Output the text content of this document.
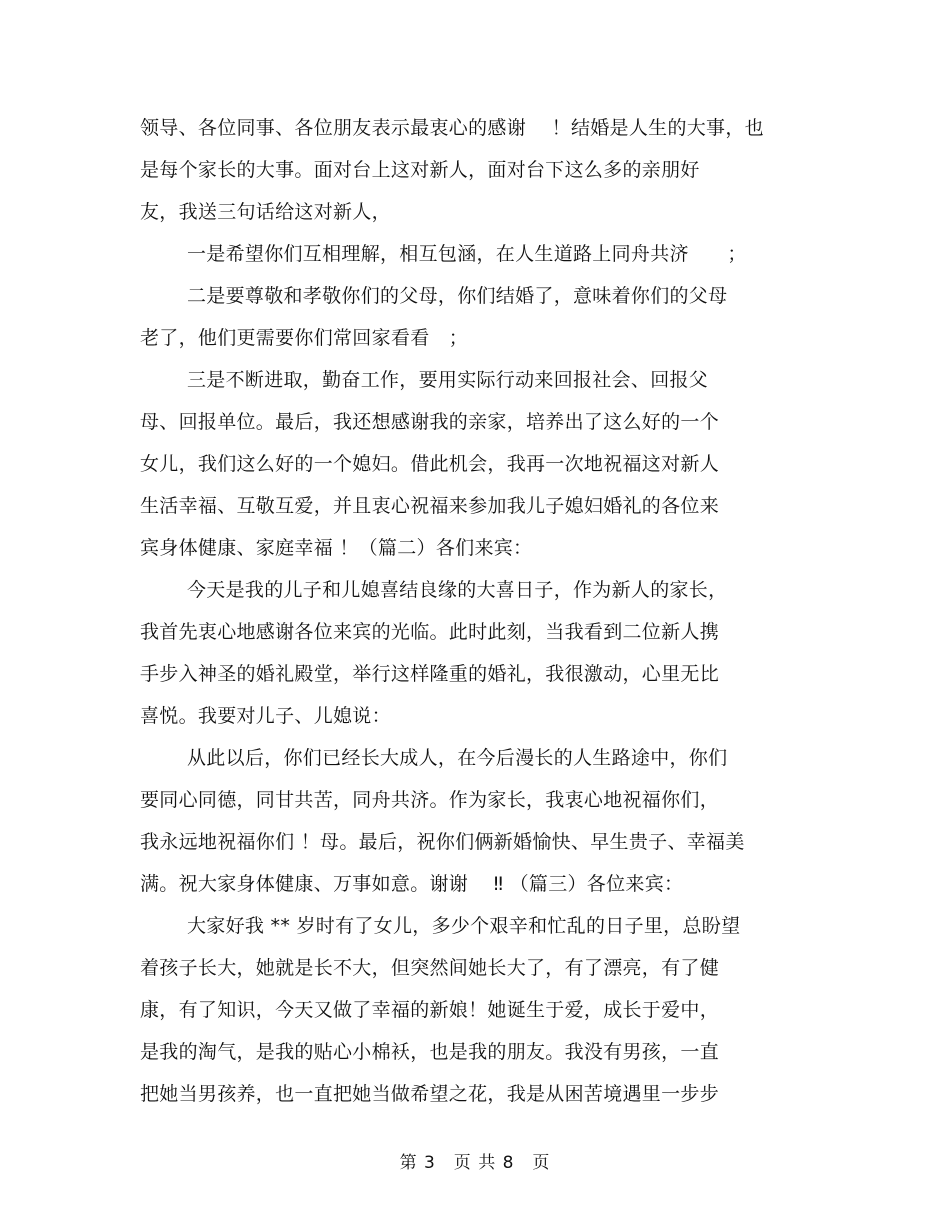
领导、各位同事、各位朋友表示最衷心的感谢　 ！结婚是人生的大事，也
是每个家长的大事。面对台上这对新人，面对台下这么多的亲朋好
友，我送三句话给这对新人，
一是希望你们互相理解，相互包涵，在人生道路上同舟共济　　；
二是要尊敬和孝敬你们的父母，你们结婚了，意味着你们的父母
老了，他们更需要你们常回家看看　；
三是不断进取，勤奋工作，要用实际行动来回报社会、回报父
母、回报单位。最后，我还想感谢我的亲家，培养出了这么好的一个
女儿，我们这么好的一个媳妇。借此机会，我再一次地祝福这对新人
生活幸福、互敬互爱，并且衷心祝福来参加我儿子媳妇婚礼的各位来
宾身体健康、家庭幸福 ！（篇二）各们来宾：
今天是我的儿子和儿媳喜结良缘的大喜日子，作为新人的家长，
我首先衷心地感谢各位来宾的光临。此时此刻，当我看到二位新人携
手步入神圣的婚礼殿堂，举行这样隆重的婚礼，我很激动，心里无比
喜悦。我要对儿子、儿媳说：
从此以后，你们已经长大成人，在今后漫长的人生路途中，你们
要同心同德，同甘共苦，同舟共济。作为家长，我衷心地祝福你们，
我永远地祝福你们 ！母。最后，祝你们俩新婚愉快、早生贵子、幸福美
满。祝大家身体健康、万事如意。谢谢　 ‼ （篇三）各位来宾：
大家好我 ** 岁时有了女儿，多少个艰辛和忙乱的日子里，总盼望
着孩子长大，她就是长不大，但突然间她长大了，有了漂亮，有了健
康，有了知识，今天又做了幸福的新娘！她诞生于爱，成长于爱中，
是我的淘气，是我的贴心小棉袄，也是我的朋友。我没有男孩，一直
把她当男孩养，也一直把她当做希望之花，我是从困苦境遇里一步步
第 3　页 共 8　页
